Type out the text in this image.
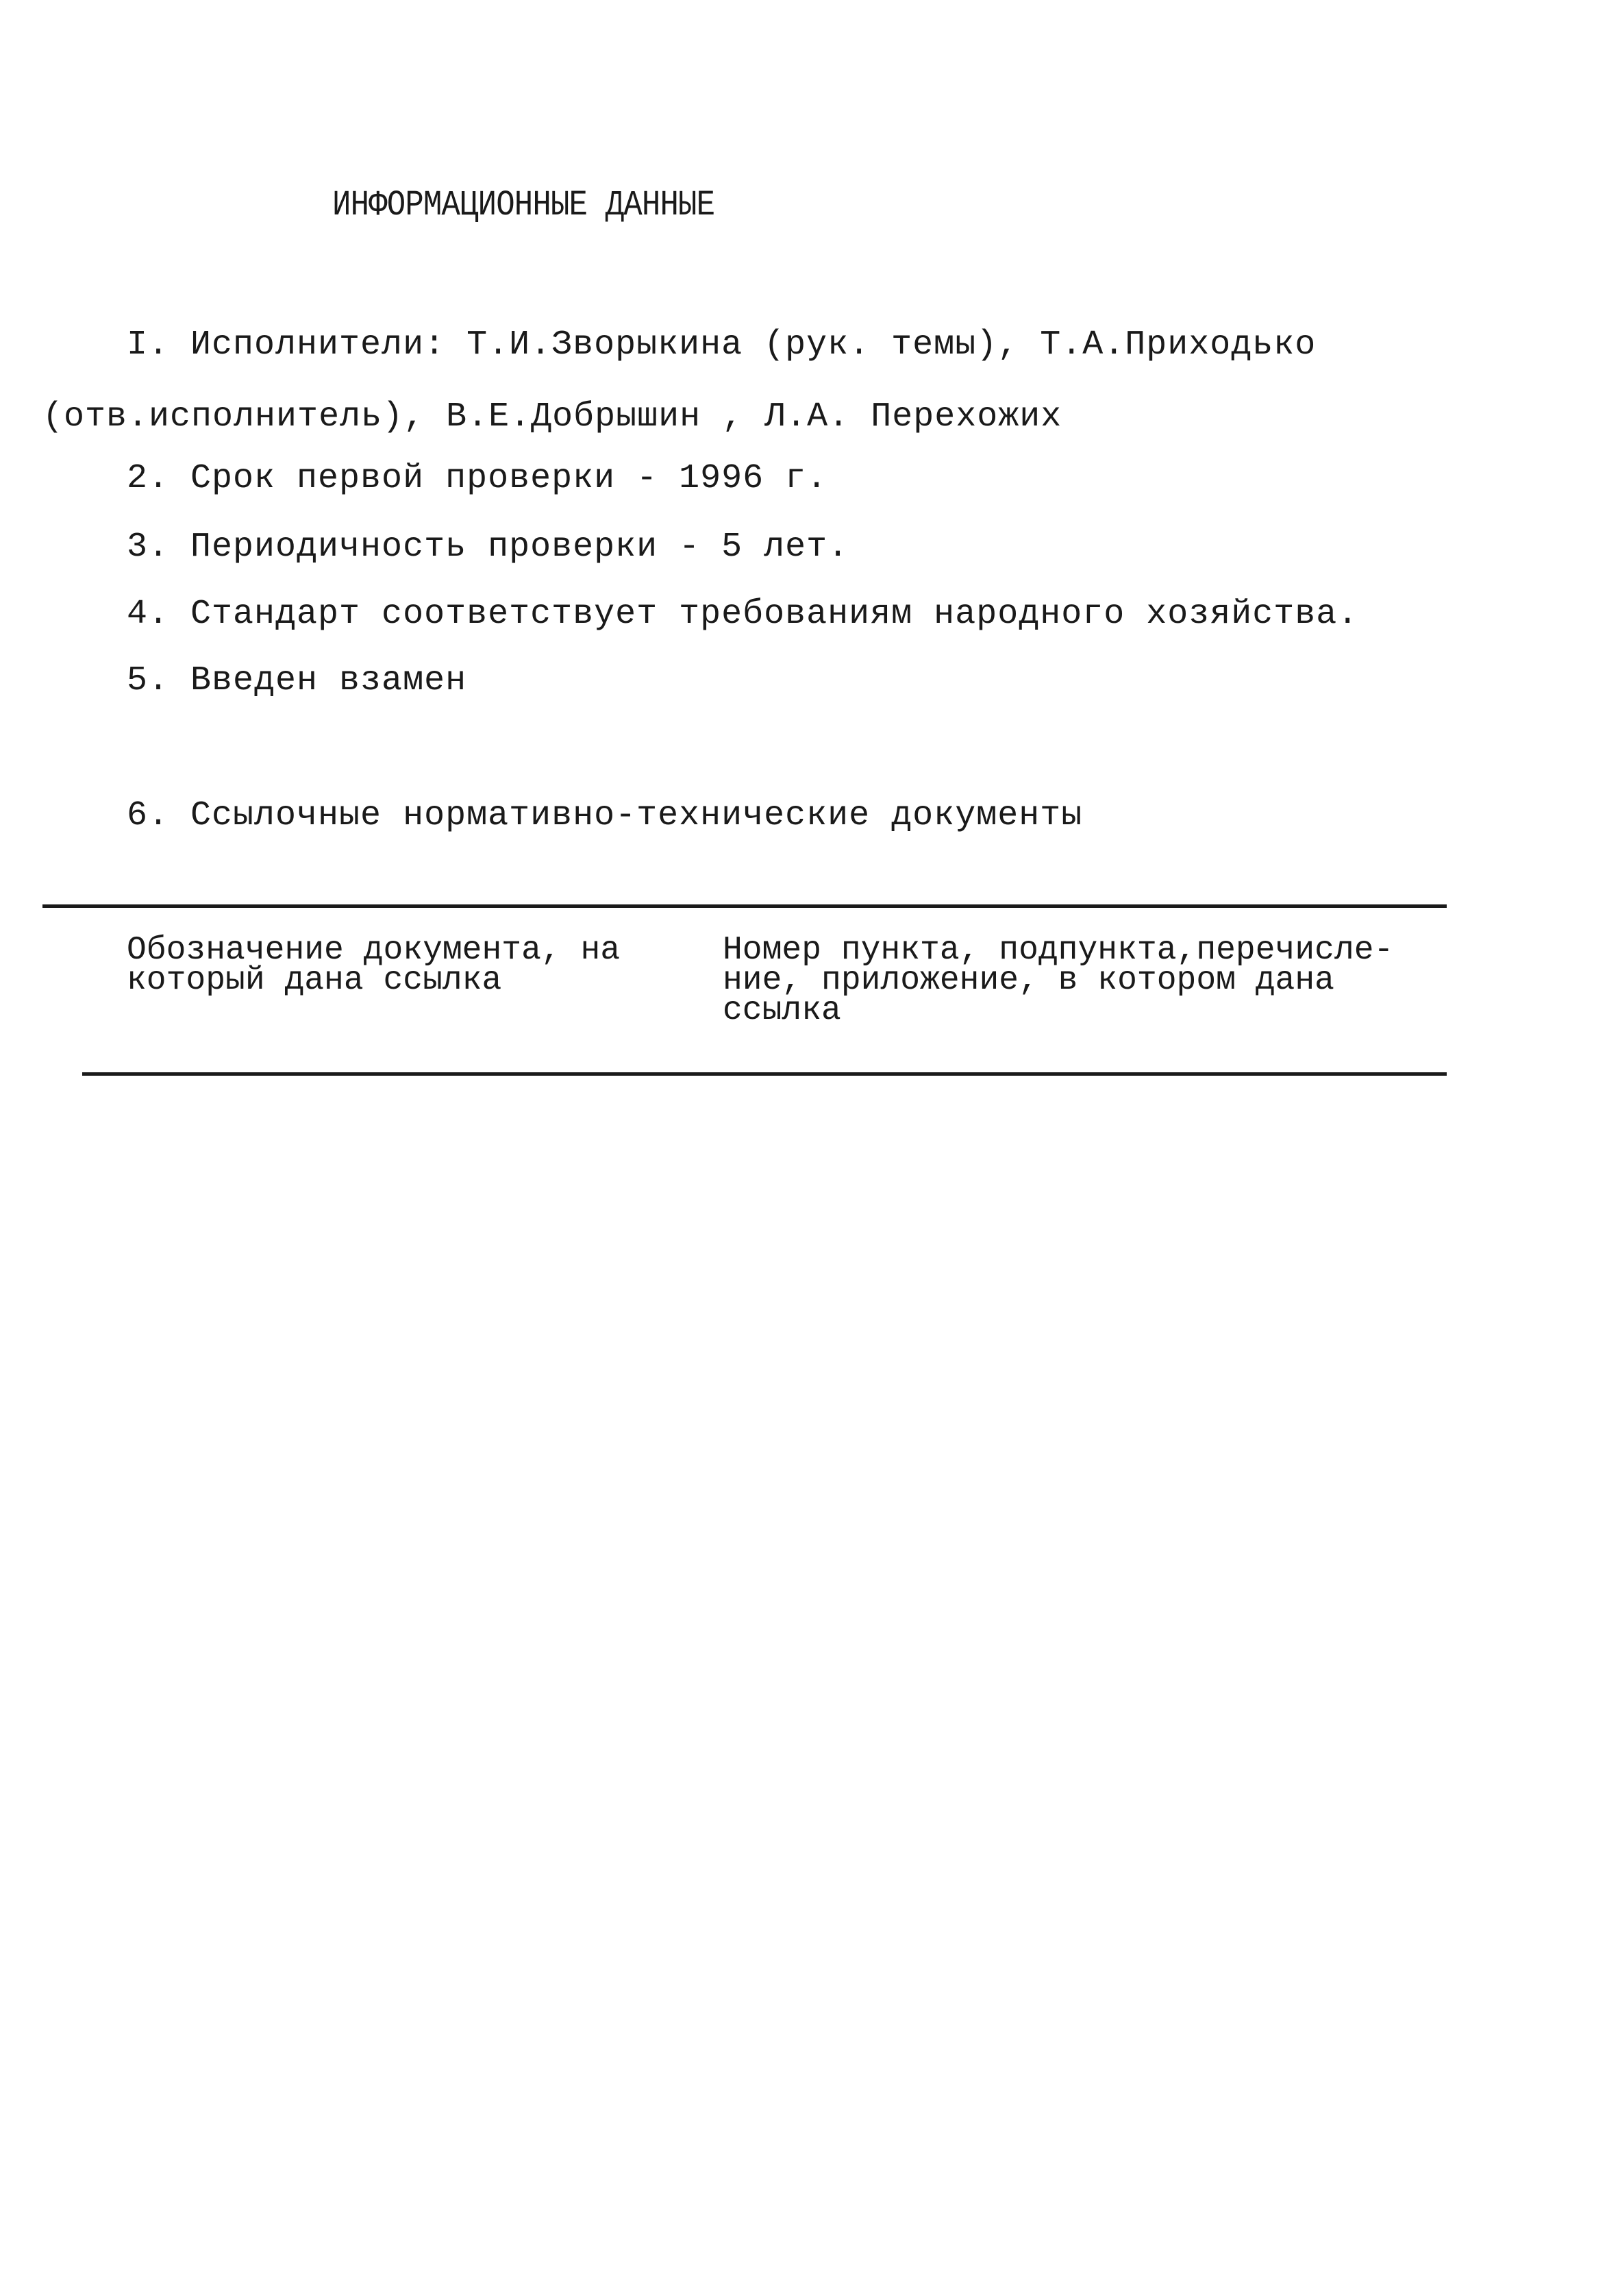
ИНФОРМАЦИОННЫЕ ДАННЫЕ
I. Исполнители: Т.И.Зворыкина (рук. темы), Т.А.Приходько
(отв.исполнитель), В.Е.Добрышин , Л.А. Перехожих
2. Срок первой проверки - 1996 г.
3. Периодичность проверки - 5 лет.
4. Стандарт соответствует требованиям народного хозяйства.
5. Введен взамен
6. Ссылочные нормативно-технические документы
Обозначение документа, на
который дана ссылка
Номер пункта, подпункта,перечисле-
ние, приложение, в котором дана
ссылка
